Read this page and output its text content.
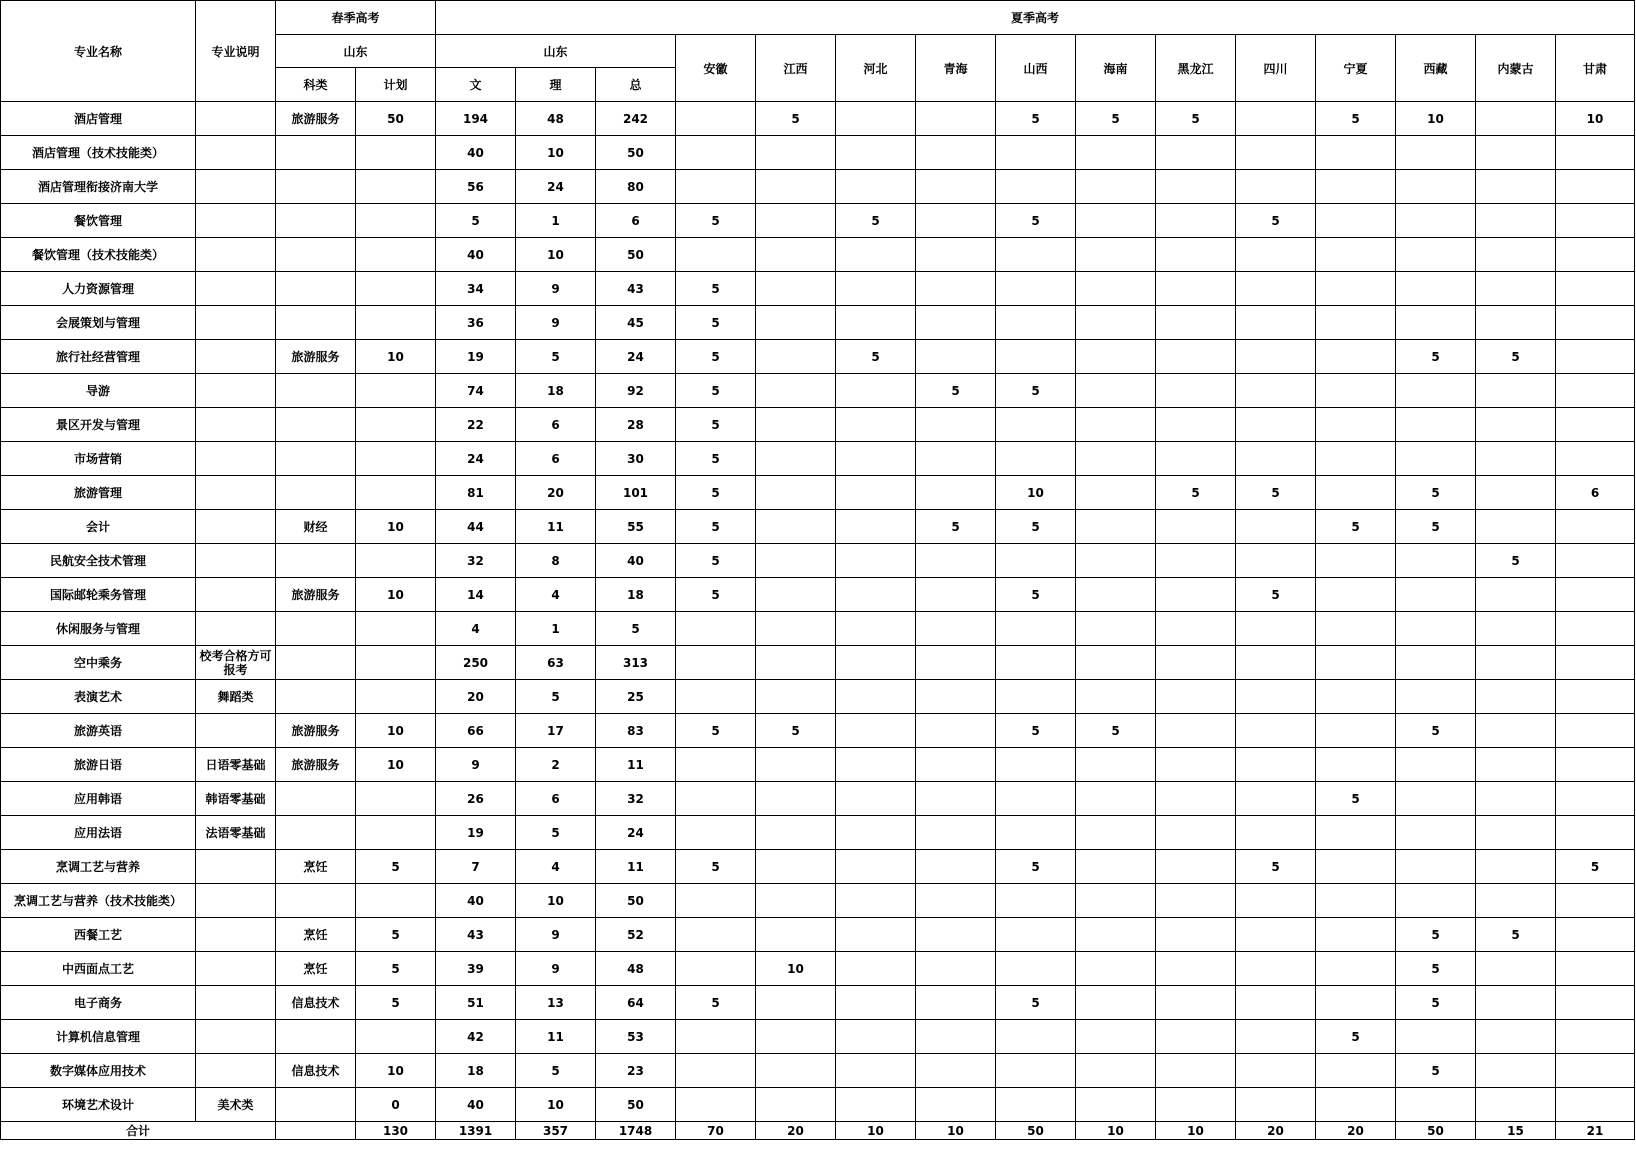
专业名称	专业说明	春季高考		夏季高考														
		山东		山东			安徽	江西	河北	青海	山西	海南	黑龙江	四川	宁夏	西藏	内蒙古	甘肃
		科类	计划	文	理	总												
酒店管理		旅游服务	50	194	48	242		5			5	5	5		5	10		10
酒店管理（技术技能类）				40	10	50												
酒店管理衔接济南大学				56	24	80												
餐饮管理				5	1	6	5		5		5			5				
餐饮管理（技术技能类）				40	10	50												
人力资源管理				34	9	43	5											
会展策划与管理				36	9	45	5											
旅行社经营管理		旅游服务	10	19	5	24	5		5							5	5	
导游				74	18	92	5			5	5							
景区开发与管理				22	6	28	5											
市场营销				24	6	30	5											
旅游管理				81	20	101	5				10		5	5		5		6
会计		财经	10	44	11	55	5			5	5				5	5		
民航安全技术管理				32	8	40	5										5	
国际邮轮乘务管理		旅游服务	10	14	4	18	5				5			5				
休闲服务与管理				4	1	5												
空中乘务	校考合格方可报考			250	63	313												
表演艺术	舞蹈类			20	5	25												
旅游英语		旅游服务	10	66	17	83	5	5			5	5				5		
旅游日语	日语零基础	旅游服务	10	9	2	11												
应用韩语	韩语零基础			26	6	32									5			
应用法语	法语零基础			19	5	24												
烹调工艺与营养		烹饪	5	7	4	11	5				5			5				5
烹调工艺与营养（技术技能类）				40	10	50												
西餐工艺		烹饪	5	43	9	52										5	5	
中西面点工艺		烹饪	5	39	9	48		10								5		
电子商务		信息技术	5	51	13	64	5				5					5		
计算机信息管理				42	11	53									5			
数字媒体应用技术		信息技术	10	18	5	23										5		
环境艺术设计	美术类		0	40	10	50												
合计			130	1391	357	1748	70	20	10	10	50	10	10	20	20	50	15	21
